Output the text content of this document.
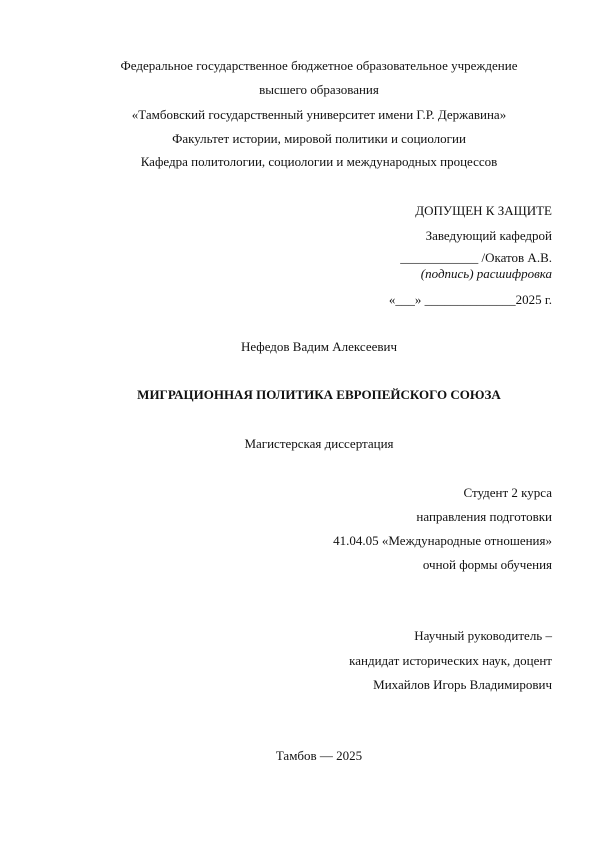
Федеральное государственное бюджетное образовательное учреждение
высшего образования
«Тамбовский государственный университет имени Г.Р. Державина»
Факультет истории, мировой политики и социологии
Кафедра политологии, социологии и международных процессов
ДОПУЩЕН К ЗАЩИТЕ
Заведующий кафедрой
____________ /Окатов А.В.
(подпись) расшифровка
«___» ______________2025 г.
Нефедов Вадим Алексеевич
МИГРАЦИОННАЯ ПОЛИТИКА ЕВРОПЕЙСКОГО СОЮЗА
Магистерская диссертация
Студент 2 курса
направления подготовки
41.04.05 «Международные отношения»
очной формы обучения
Научный руководитель –
кандидат исторических наук, доцент
Михайлов Игорь Владимирович
Тамбов — 2025
